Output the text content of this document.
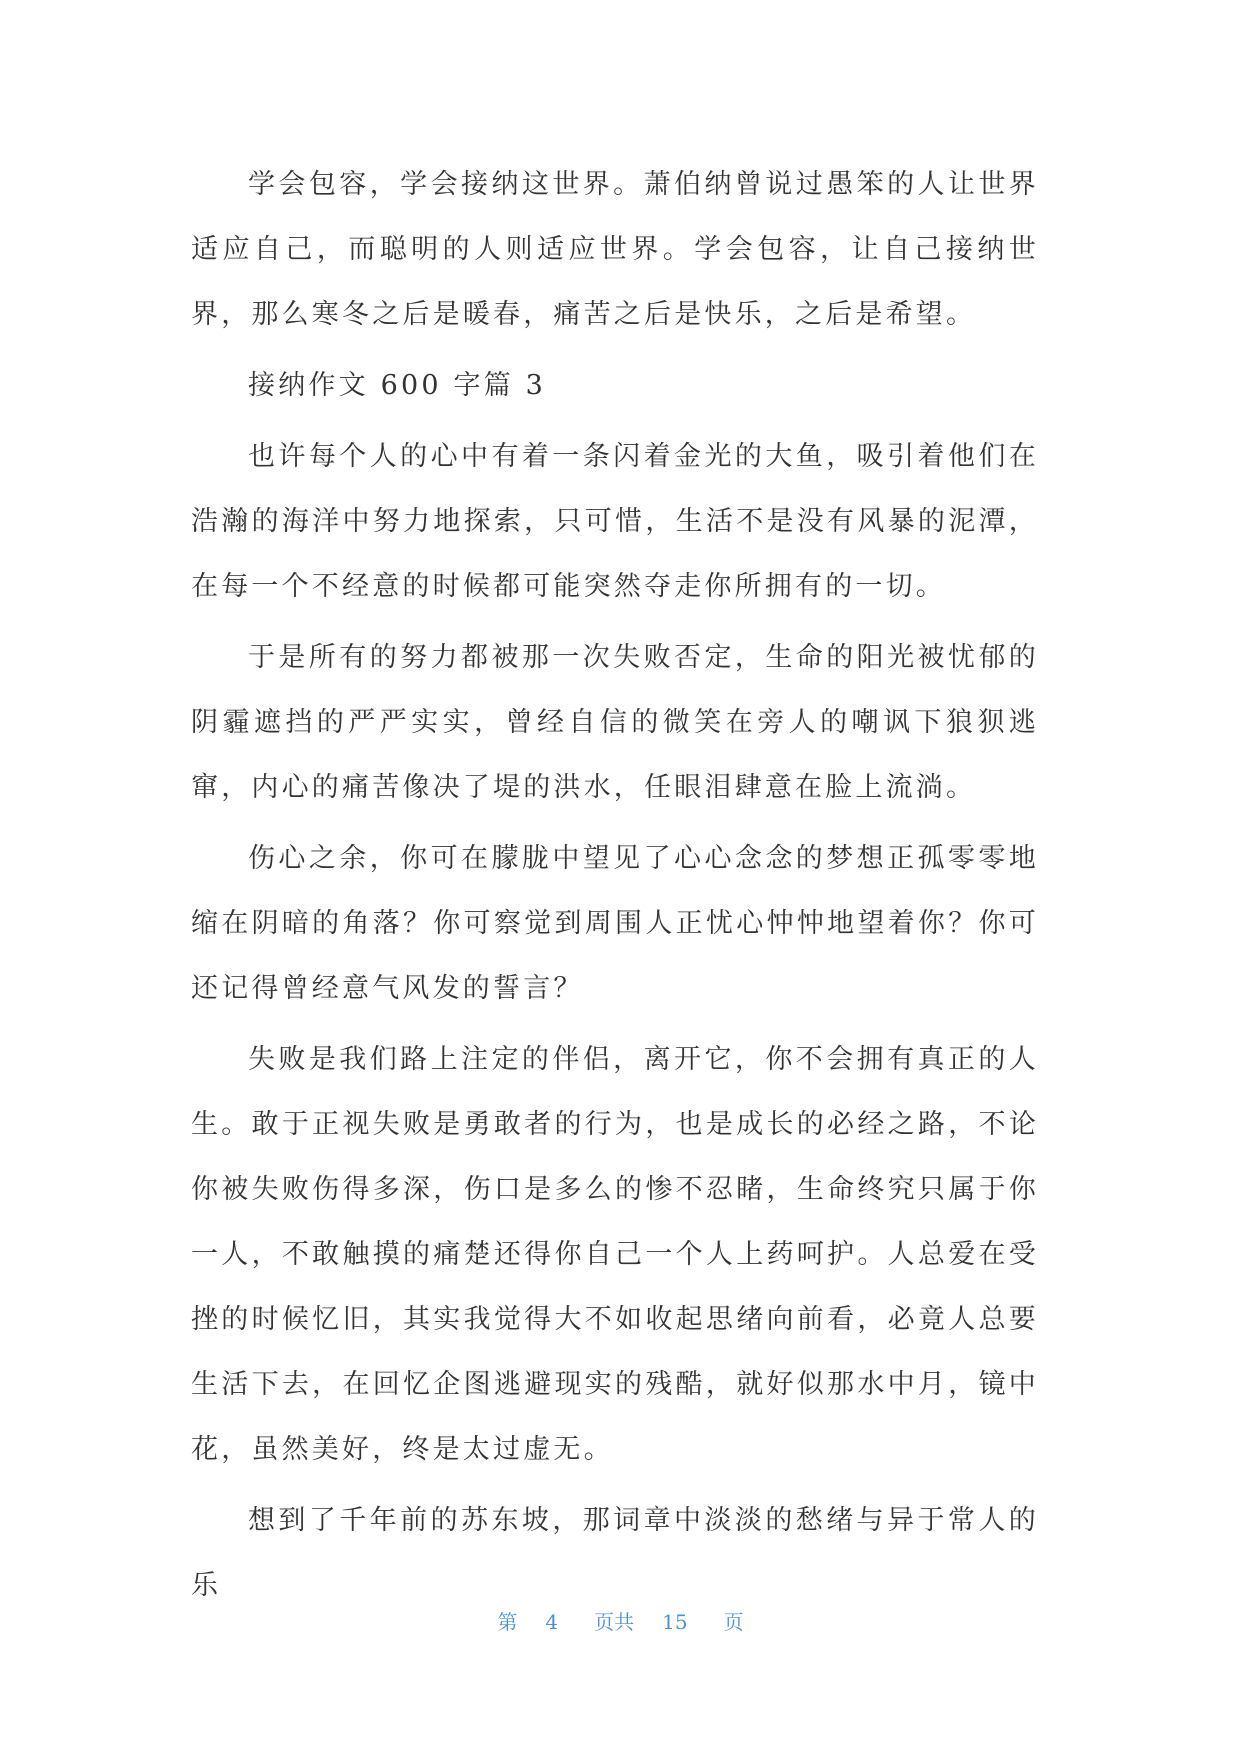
学会包容，学会接纳这世界。萧伯纳曾说过愚笨的人让世界适应自己，而聪明的人则适应世界。学会包容，让自己接纳世界，那么寒冬之后是暖春，痛苦之后是快乐，之后是希望。

接纳作文 600 字篇 3

也许每个人的心中有着一条闪着金光的大鱼，吸引着他们在浩瀚的海洋中努力地探索，只可惜，生活不是没有风暴的泥潭，在每一个不经意的时候都可能突然夺走你所拥有的一切。

于是所有的努力都被那一次失败否定，生命的阳光被忧郁的阴霾遮挡的严严实实，曾经自信的微笑在旁人的嘲讽下狼狈逃窜，内心的痛苦像决了堤的洪水，任眼泪肆意在脸上流淌。

伤心之余，你可在朦胧中望见了心心念念的梦想正孤零零地缩在阴暗的角落？你可察觉到周围人正忧心忡忡地望着你？你可还记得曾经意气风发的誓言？

失败是我们路上注定的伴侣，离开它，你不会拥有真正的人生。敢于正视失败是勇敢者的行为，也是成长的必经之路，不论你被失败伤得多深，伤口是多么的惨不忍睹，生命终究只属于你一人，不敢触摸的痛楚还得你自己一个人上药呵护。人总爱在受挫的时候忆旧，其实我觉得大不如收起思绪向前看，必竟人总要生活下去，在回忆企图逃避现实的残酷，就好似那水中月，镜中花，虽然美好，终是太过虚无。

想到了千年前的苏东坡，那词章中淡淡的愁绪与异于常人的乐

第 4 页共 15 页
